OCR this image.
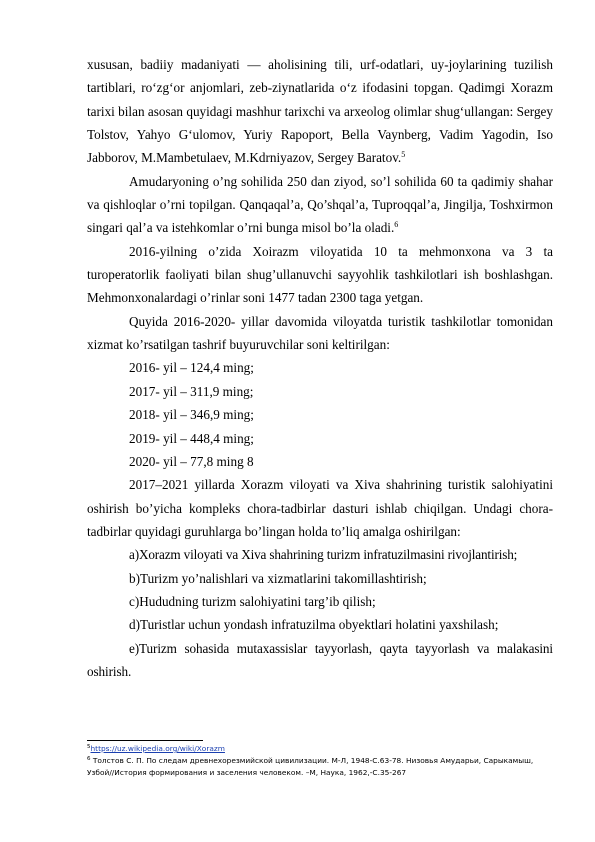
xususan, badiiy madaniyati — aholisining tili, urf-odatlari, uy-joylarining tuzilish tartiblari, ro‘zg‘or anjomlari, zeb-ziynatlarida o‘z ifodasini topgan. Qadimgi Xorazm tarixi bilan asosan quyidagi mashhur tarixchi va arxeolog olimlar shug‘ullangan: Sergey Tolstov, Yahyo G‘ulomov, Yuriy Rapoport, Bella Vaynberg, Vadim Yagodin, Iso Jabborov, M.Mambetulaev, M.Kdrniyazov, Sergey Baratov.$^5$

Amudaryoning o’ng sohilida 250 dan ziyod, so’l sohilida 60 ta qadimiy shahar va qishloqlar o’rni topilgan. Qanqaqal’a, Qo’shqal’a, Tuproqqal’a, Jingilja, Toshxirmon singari qal’a va istehkomlar o’rni bunga misol bo’la oladi.$^6$

2016-yilning o’zida Xoirazm viloyatida 10 ta mehmonxona va 3 ta turoperatorlik faoliyati bilan shug’ullanuvchi sayyohlik tashkilotlari ish boshlashgan. Mehmonxonalardagi o’rinlar soni 1477 tadan 2300 taga yetgan.

Quyida 2016-2020- yillar davomida viloyatda turistik tashkilotlar tomonidan xizmat ko’rsatilgan tashrif buyuruvchilar soni keltirilgan:

2016- yil – 124,4 ming;

2017- yil – 311,9 ming;

2018- yil – 346,9 ming;

2019- yil – 448,4 ming;

2020- yil – 77,8 ming 8

2017–2021 yillarda Xorazm viloyati va Xiva shahrining turistik salohiyatini oshirish bo’yicha kompleks chora-tadbirlar dasturi ishlab chiqilgan. Undagi chora-tadbirlar quyidagi guruhlarga bo’lingan holda to’liq amalga oshirilgan:

a)Xorazm viloyati va Xiva shahrining turizm infratuzilmasini rivojlantirish;

b)Turizm yo’nalishlari va xizmatlarini takomillashtirish;

c)Hududning turizm salohiyatini targ’ib qilish;

d)Turistlar uchun yondash infratuzilma obyektlari holatini yaxshilash;

e)Turizm sohasida mutaxassislar tayyorlash, qayta tayyorlash va malakasini oshirish.

$^5$https://uz.wikipedia.org/wiki/Xorazm

$^6$ Толстов С. П. По следам древнехорезмийской цивилизации. М-Л, 1948-С.63-78. Низовья Амударьи, Сарыкамыш, Узбой//История формирования и заселения человеком. –М, Наука, 1962,-С.35-267
